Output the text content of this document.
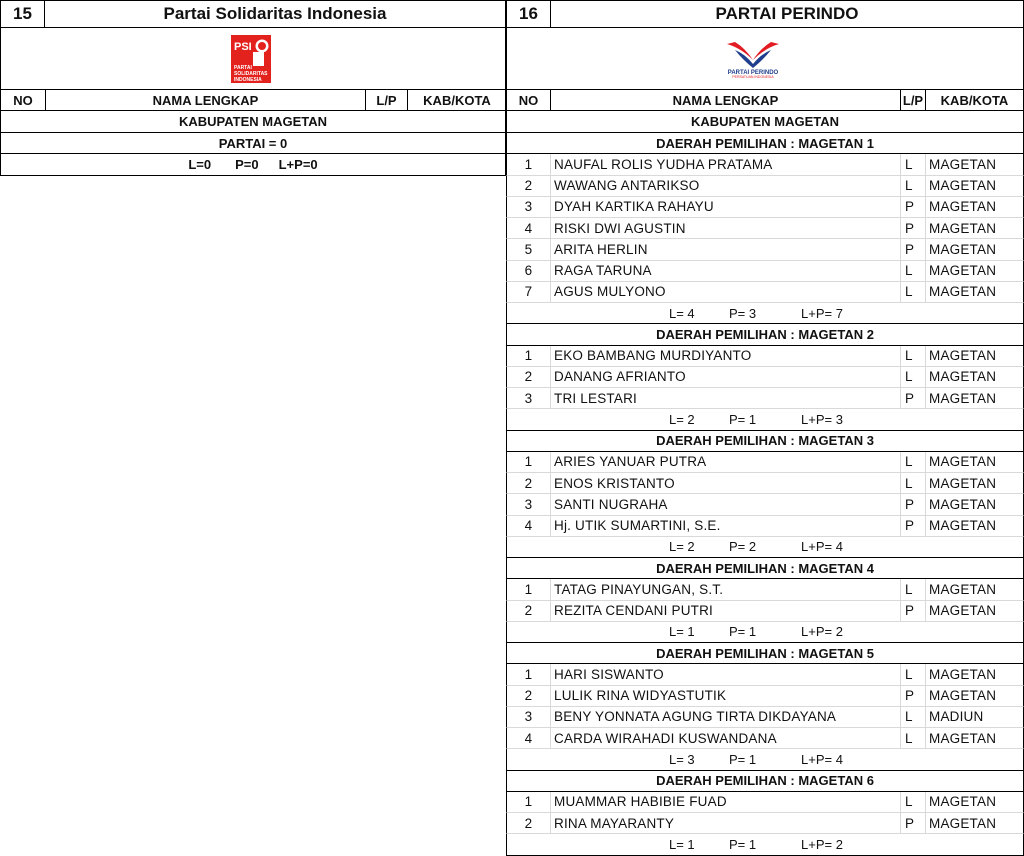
15	Partai Solidaritas Indonesia
PSI
PARTAI
SOLIDARITAS
INDONESIA
NO	NAMA LENGKAP	L/P	KAB/KOTA
KABUPATEN MAGETAN
PARTAI = 0
L=0 P=0 L+P=0
16	PARTAI PERINDO
PARTAI PERINDO
PERSATUAN INDONESIA
NO	NAMA LENGKAP	L/P	KAB/KOTA
KABUPATEN MAGETAN
DAERAH PEMILIHAN : MAGETAN 1
1	NAUFAL ROLIS YUDHA PRATAMA	L	MAGETAN
2	WAWANG ANTARIKSO	L	MAGETAN
3	DYAH KARTIKA RAHAYU	P	MAGETAN
4	RISKI DWI AGUSTIN	P	MAGETAN
5	ARITA HERLIN	P	MAGETAN
6	RAGA TARUNA	L	MAGETAN
7	AGUS MULYONO	L	MAGETAN
L= 4	P= 3	L+P= 7
DAERAH PEMILIHAN : MAGETAN 2
1	EKO BAMBANG MURDIYANTO	L	MAGETAN
2	DANANG AFRIANTO	L	MAGETAN
3	TRI LESTARI	P	MAGETAN
L= 2	P= 1	L+P= 3
DAERAH PEMILIHAN : MAGETAN 3
1	ARIES YANUAR PUTRA	L	MAGETAN
2	ENOS KRISTANTO	L	MAGETAN
3	SANTI NUGRAHA	P	MAGETAN
4	Hj. UTIK SUMARTINI, S.E.	P	MAGETAN
L= 2	P= 2	L+P= 4
DAERAH PEMILIHAN : MAGETAN 4
1	TATAG PINAYUNGAN, S.T.	L	MAGETAN
2	REZITA CENDANI PUTRI	P	MAGETAN
L= 1	P= 1	L+P= 2
DAERAH PEMILIHAN : MAGETAN 5
1	HARI SISWANTO	L	MAGETAN
2	LULIK RINA WIDYASTUTIK	P	MAGETAN
3	BENY YONNATA AGUNG TIRTA DIKDAYANA	L	MADIUN
4	CARDA WIRAHADI KUSWANDANA	L	MAGETAN
L= 3	P= 1	L+P= 4
DAERAH PEMILIHAN : MAGETAN 6
1	MUAMMAR HABIBIE FUAD	L	MAGETAN
2	RINA MAYARANTY	P	MAGETAN
L= 1	P= 1	L+P= 2
